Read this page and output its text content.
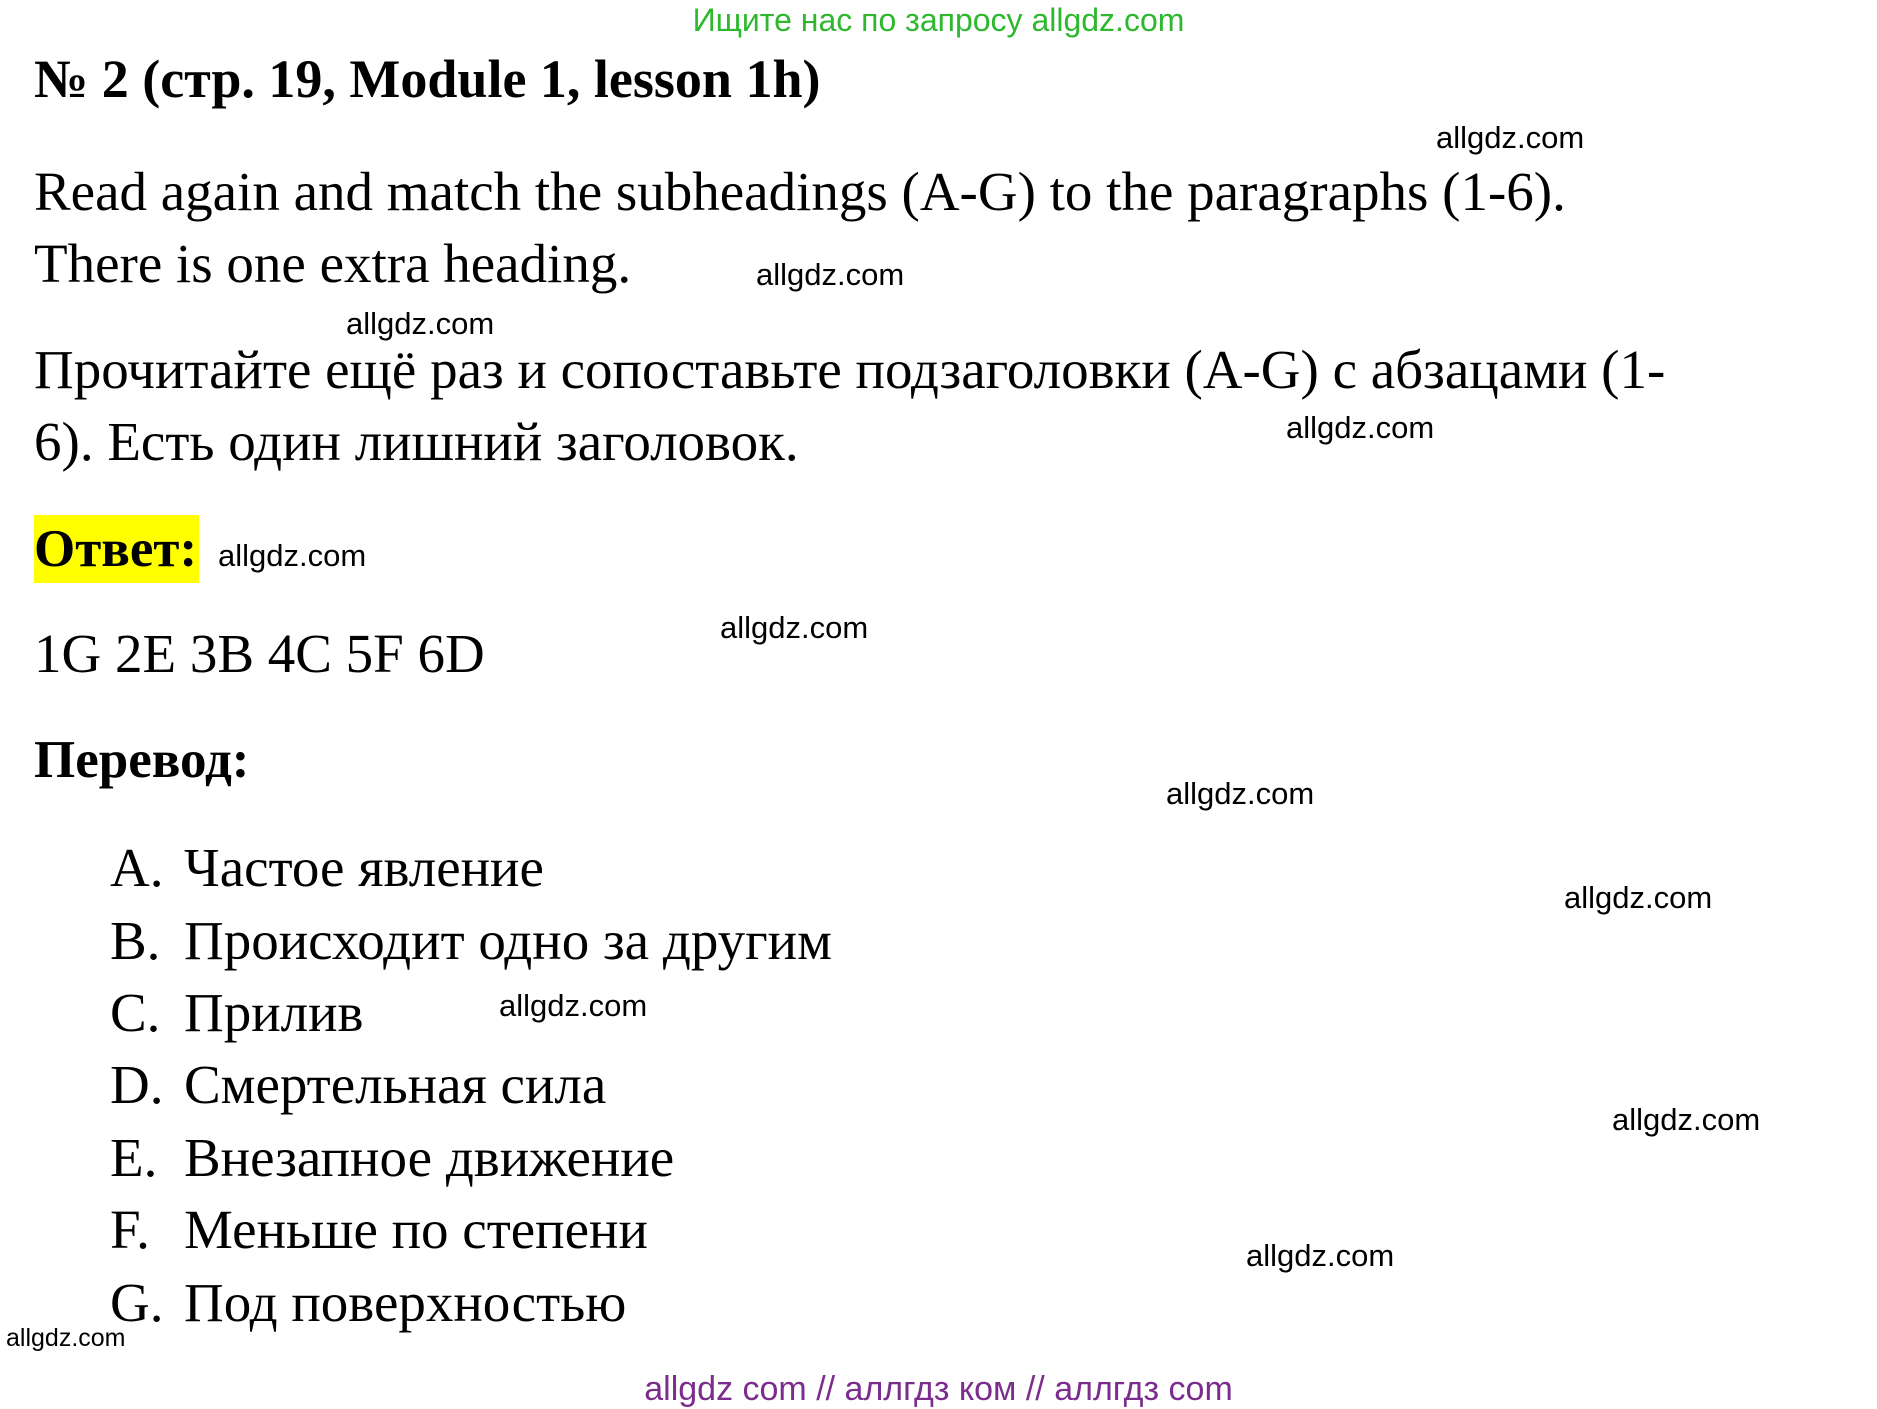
Ищите нас по запросу allgdz.com
№ 2 (стр. 19, Module 1, lesson 1h)
Read again and match the subheadings (A-G) to the paragraphs (1-6).
There is one extra heading.
Прочитайте ещё раз и сопоставьте подзаголовки (A-G) с абзацами (1-
6). Есть один лишний заголовок.
Ответ:
1G 2E 3B 4C 5F 6D
Перевод:
A. Частое явление
B. Происходит одно за другим
C. Прилив
D. Смертельная сила
E. Внезапное движение
F. Меньше по степени
G. Под поверхностью
allgdz.com
allgdz.com
allgdz.com
allgdz.com
allgdz.com
allgdz.com
allgdz.com
allgdz.com
allgdz.com
allgdz.com
allgdz.com
allgdz.com
allgdz com // аллгдз ком // аллгдз com
